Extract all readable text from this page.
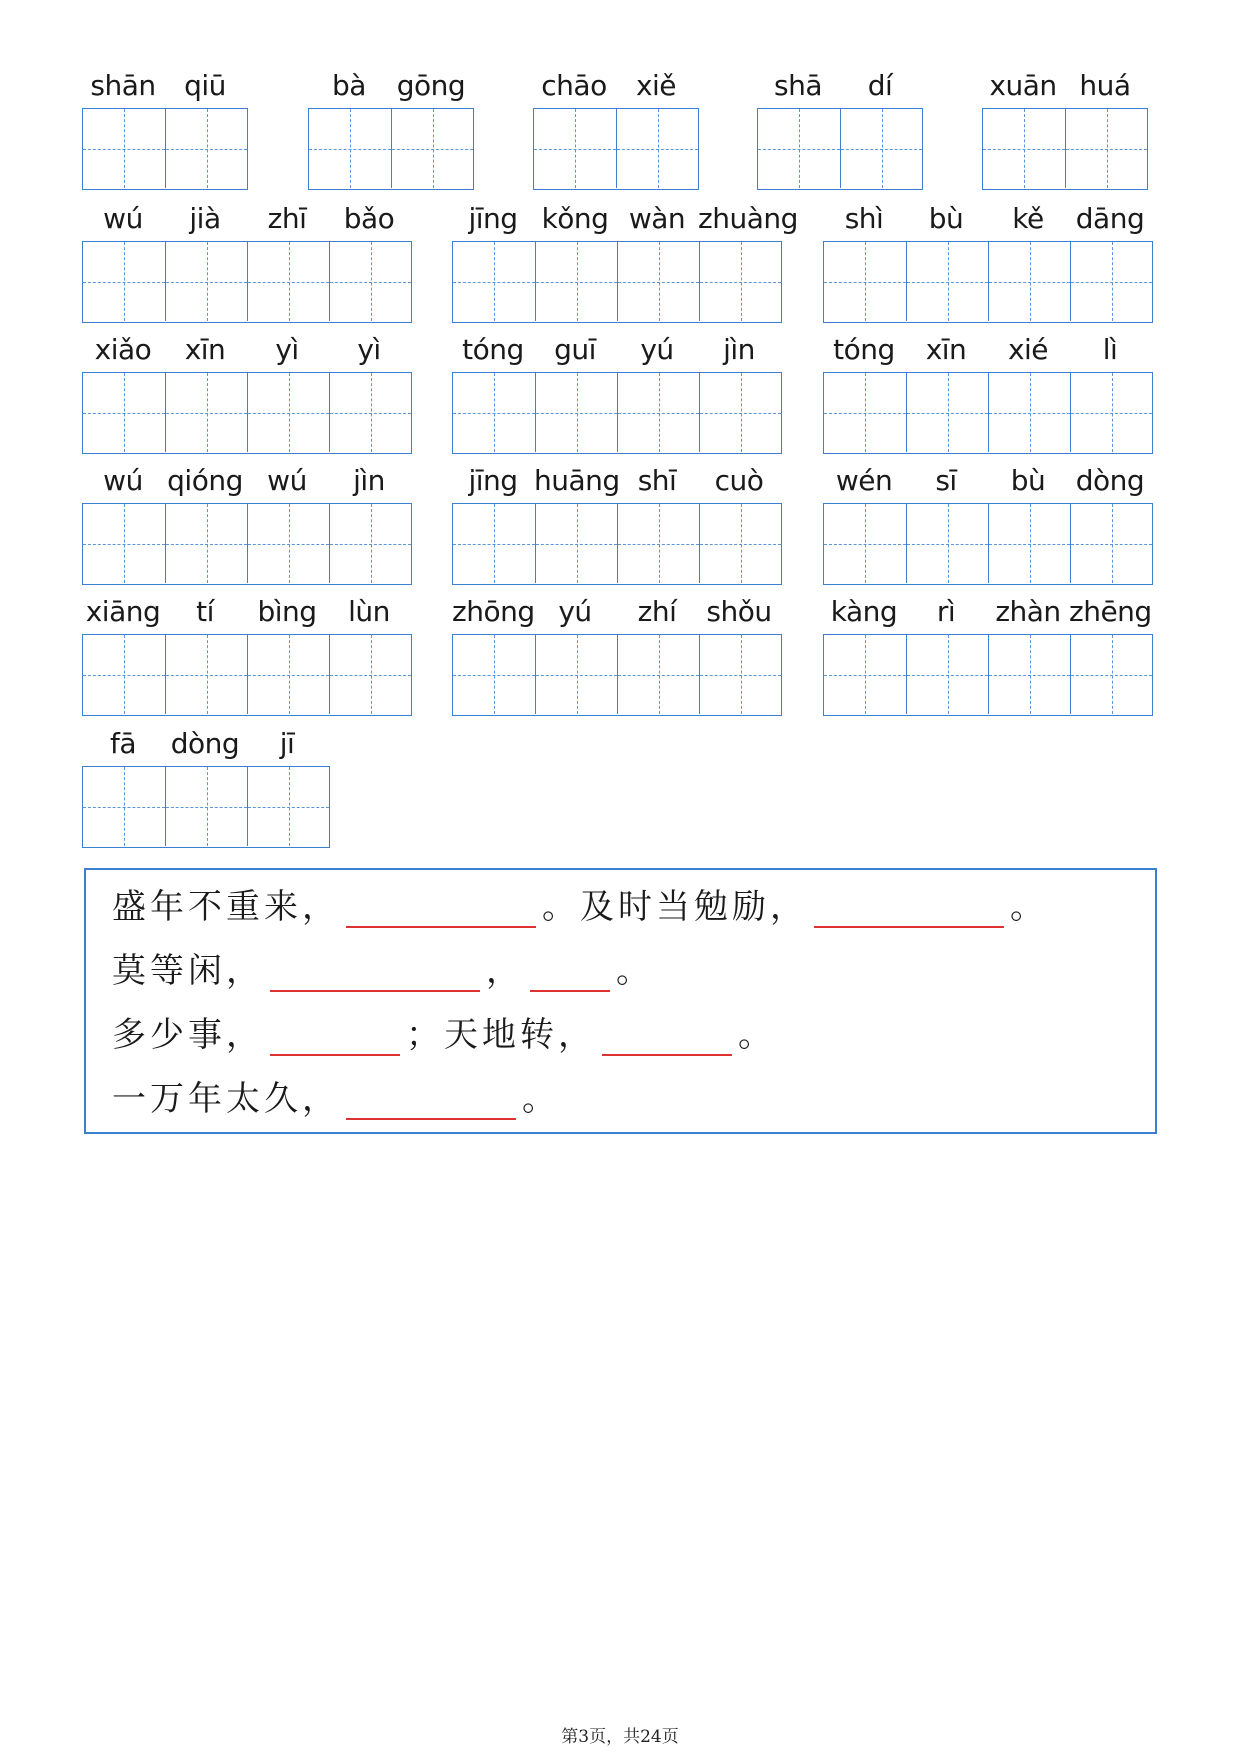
shān	qiū	bà	gōng	chāo	xiě	shā	dí	xuān huá
wú	jià	zhī	bǎo	jīng kǒng wàn zhuàng	shì	bù	kě	dāng
xiǎo	xīn	yì	yì	tóng	guī	yú	jìn	tóng	xīn	xié	lì
wú qióng wú	jìn	jīng huāng shī	cuò	wén	sī	bù	dòng
xiāng	tí	bìng	lùn	zhōng yú	zhí	shǒu kàng	rì	zhàn zhēng
fā	dòng	jī
盛年不重来，	。及时当勉励，	。
莫等闲，	，	。
多少事，	；天地转，	。
一万年太久，	。
第3页，共24页
